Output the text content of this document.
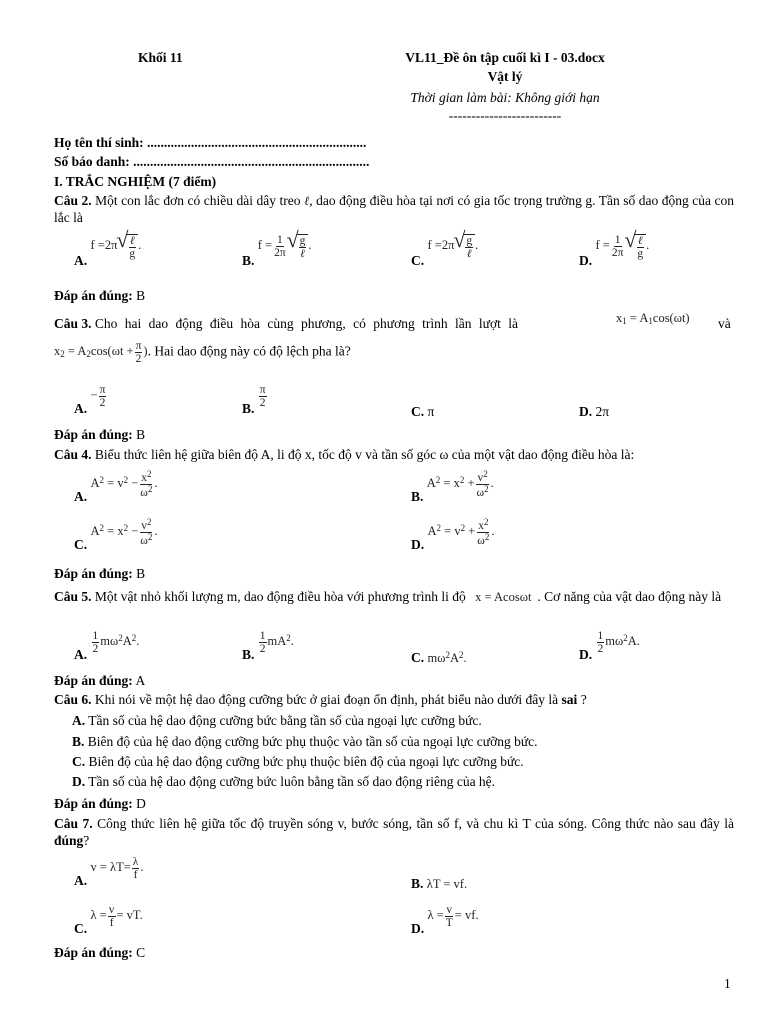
Khối 11	VL11_Đề ôn tập cuối kì I - 03.docx
Vật lý
Thời gian làm bài: Không giới hạn
-------------------------
Họ tên thí sinh: .................................................................
Số báo danh: ......................................................................
I. TRẮC NGHIỆM (7 điểm)
Câu 2. Một con lắc đơn có chiều dài dây treo ℓ, dao động điều hòa tại nơi có gia tốc trọng trường g. Tần số dao động của con lắc là
A. f =2π √ $\frac{\text{ℓ}}{g}$ .
B. $f = \frac{1}{2\pi}$ √ $\frac{g}{\text{ℓ}}$ .
C. f =2π √ $\frac{g}{\text{ℓ}}$ .
D. $f = \frac{1}{2\pi}$ √ $\frac{\text{ℓ}}{g}$ .
Đáp án đúng: B
Câu 3. Cho hai dao động điều hòa cùng phương, có phương trình lần lượt là	$x_1 = A_1\cos(\omega t)$ và
$x_2 = A_2\cos(\omega t + \frac{\pi}{2}$ ). Hai dao động này có độ lệch pha là?
A. − $\frac{\pi}{2}$	B. $\frac{\pi}{2}$
C. π	D. 2π
Đáp án đúng: B
Câu 4. Biểu thức liên hệ giữa biên độ A, li độ x, tốc độ v và tần số góc ω của một vật dao động điều hòa là:
A. $A^2 = v^2 - \frac{x^2}{\omega^2}$ .
B. $A^2 = x^2 + \frac{v^2}{\omega^2}$ .
C. $A^2 = x^2 - \frac{v^2}{\omega^2}$ .
D. $A^2 = v^2 + \frac{x^2}{\omega^2}$ .
Đáp án đúng: B
Câu 5. Một vật nhỏ khối lượng m, dao động điều hòa với phương trình li độ x = Acosωt . Cơ năng của vật dao động này là
A. $\frac{1}{2} m\omega^2A^2$.
B. $\frac{1}{2} mA^2$.
C. $m\omega^2A^2$.	D. $\frac{1}{2} m\omega^2A$.
Đáp án đúng: A
Câu 6. Khi nói về một hệ dao động cưỡng bức ở giai đoạn ổn định, phát biểu nào dưới đây là sai ?
A. Tần số của hệ dao động cưỡng bức bằng tần số của ngoại lực cưỡng bức.
B. Biên độ của hệ dao động cưỡng bức phụ thuộc vào tần số của ngoại lực cưỡng bức.
C. Biên độ của hệ dao động cưỡng bức phụ thuộc biên độ của ngoại lực cưỡng bức.
D. Tần số của hệ dao động cưỡng bức luôn bằng tần số dao động riêng của hệ.
Đáp án đúng: D
Câu 7. Công thức liên hệ giữa tốc độ truyền sóng v, bước sóng, tần số f, và chu kì T của sóng. Công thức nào sau đây là đúng?
A. $v = \lambda T= \frac{\lambda}{f}$ .
B. λT = vf.
C. $\lambda = \frac{v}{f}$ = vT.
D. $\lambda = \frac{v}{T}$ = vf.
Đáp án đúng: C
1
